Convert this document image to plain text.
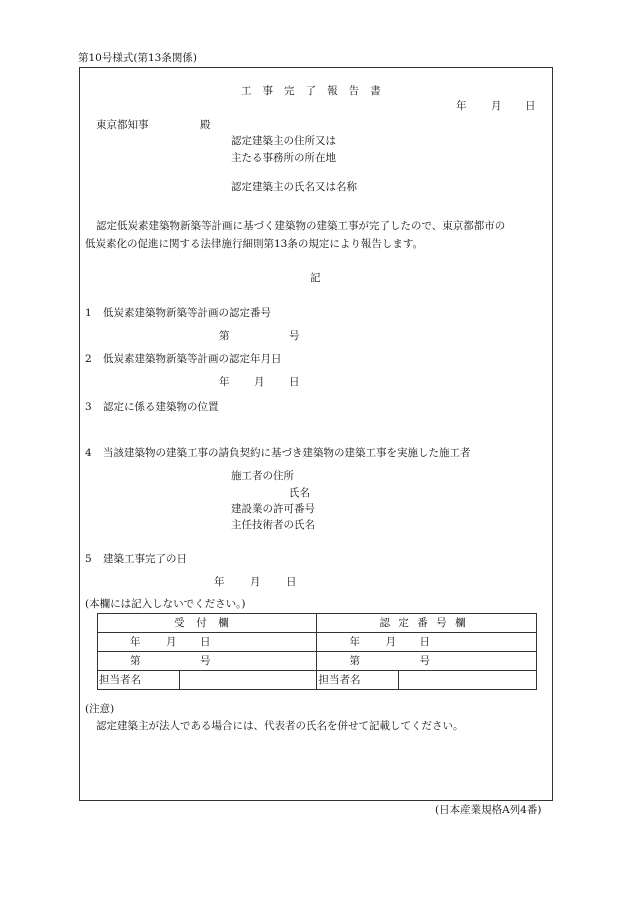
第10号様式(第13条関係)
工事完了報告書
年 月 日
東京都知事	殿
認定建築主の住所又は
主たる事務所の所在地
認定建築主の氏名又は名称
認定低炭素建築物新築等計画に基づく建築物の建築工事が完了したので、東京都都市の
低炭素化の促進に関する法律施行細則第13条の規定により報告します。
記
1 低炭素建築物新築等計画の認定番号
第	号
2 低炭素建築物新築等計画の認定年月日
年 月 日
3 認定に係る建築物の位置
4 当該建築物の建築工事の請負契約に基づき建築物の建築工事を実施した施工者
施工者の住所
氏名
建設業の許可番号
主任技術者の氏名
5 建築工事完了の日
年 月 日
(本欄には記入しないでください。)
受付欄		認定番号欄	

年 月 日		年 月 日	

第 号		第 号	

担当者名		担当者名	
(注意)
認定建築主が法人である場合には、代表者の氏名を併せて記載してください。
(日本産業規格A列4番)
